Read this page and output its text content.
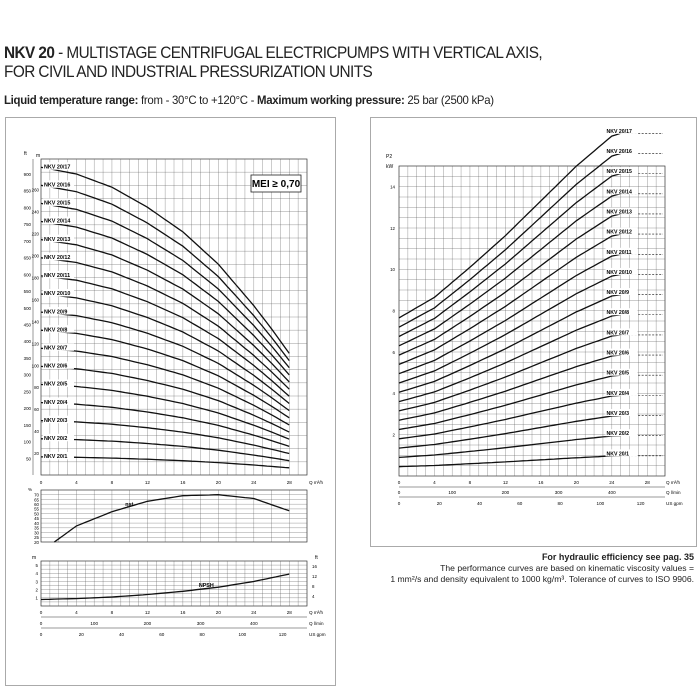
NKV 20 - MULTISTAGE CENTRIFUGAL ELECTRICPUMPS WITH VERTICAL AXIS,
FOR CIVIL AND INDUSTRIAL PRESSURIZATION UNITS
Liquid temperature range: from - 30°C to +120°C - Maximum working pressure: 25 bar (2500 kPa)
ft
50
100
150
200
250
300
350
400
450
500
550
600
650
700
750
800
850
900
m
20
40
60
80
100
120
140
160
180
200
220
240
260
0	4	8	12	16	20	24	28	Q m³/h
NKV 20/1
NKV 20/2
NKV 20/3
NKV 20/4
NKV 20/5
NKV 20/6
NKV 20/7
NKV 20/8
NKV 20/9
NKV 20/10
NKV 20/11
NKV 20/12
NKV 20/13
NKV 20/14
NKV 20/15
NKV 20/16
NKV 20/17
MEI ≥ 0,70
%
70
65
60
55
50
45
40
35
30
25
20
ηst
m
1
2
3
4
5
ft
4
8
12
16
NPSH
0	4	8	12	16	20	24	28	Q m³/h
0	100	200	300	400	Q l/min
0	20	40	60	80	100	120	US gpm
P2
kW
2
4
6
8
10
12
14
NKV 20/1
NKV 20/2
NKV 20/3
NKV 20/4
NKV 20/5
NKV 20/6
NKV 20/7
NKV 20/8
NKV 20/9
NKV 20/10
NKV 20/11
NKV 20/12
NKV 20/13
NKV 20/14
NKV 20/15
NKV 20/16
NKV 20/17
0	4	8	12	16	20	24	28	Q m³/h
0	100	200	300	400	Q l/min
0	20	40	60	80	100	120	US gpm
For hydraulic efficiency see pag. 35
The performance curves are based on kinematic viscosity values =
1 mm²/s and density equivalent to 1000 kg/m³. Tolerance of curves to ISO 9906.
